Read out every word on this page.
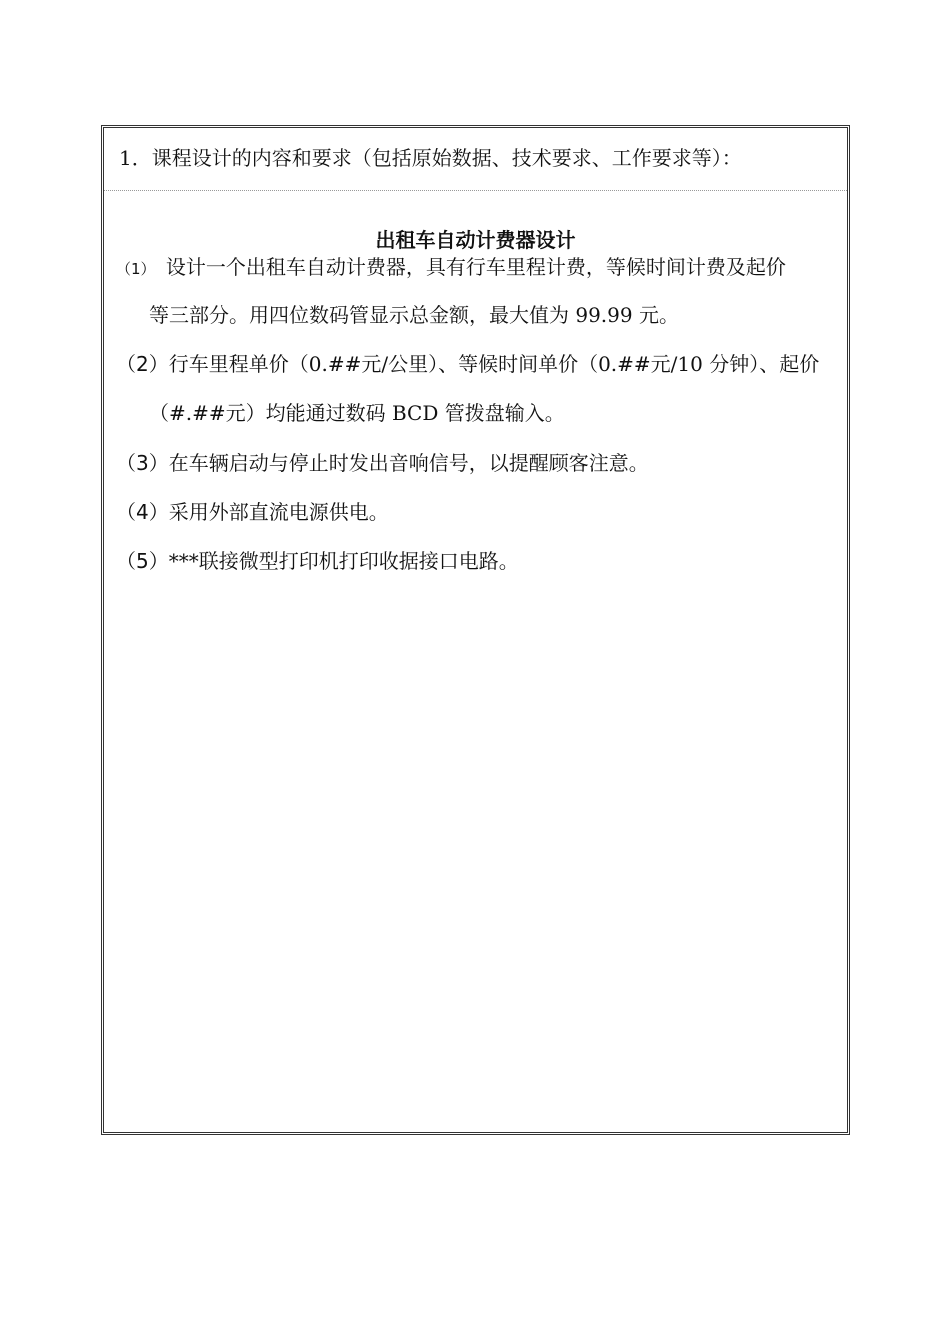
1．课程设计的内容和要求（包括原始数据、技术要求、工作要求等）：
出租车自动计费器设计
（1） 设计一个出租车自动计费器，具有行车里程计费，等候时间计费及起价
等三部分。用四位数码管显示总金额，最大值为 99.99 元。
（2）行车里程单价（0.##元/公里）、等候时间单价（0.##元/10 分钟）、起价
（#.##元）均能通过数码 BCD 管拨盘输入。
（3）在车辆启动与停止时发出音响信号，以提醒顾客注意。
（4）采用外部直流电源供电。
（5）***联接微型打印机打印收据接口电路。
